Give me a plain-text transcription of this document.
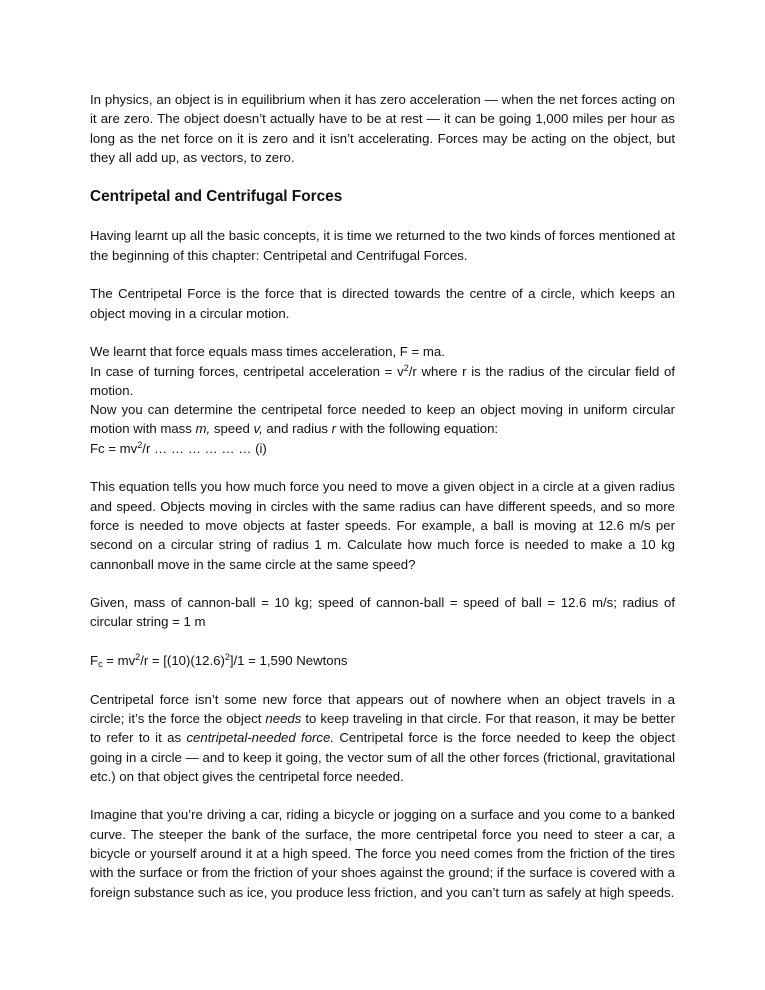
In physics, an object is in equilibrium when it has zero acceleration — when the net forces acting on it are zero. The object doesn’t actually have to be at rest — it can be going 1,000 miles per hour as long as the net force on it is zero and it isn’t accelerating. Forces may be acting on the object, but they all add up, as vectors, to zero.

Centripetal and Centrifugal Forces

Having learnt up all the basic concepts, it is time we returned to the two kinds of forces mentioned at the beginning of this chapter: Centripetal and Centrifugal Forces.

The Centripetal Force is the force that is directed towards the centre of a circle, which keeps an object moving in a circular motion.

We learnt that force equals mass times acceleration, F = ma.
In case of turning forces, centripetal acceleration = $v^2/r$ where r is the radius of the circular field of motion.
Now you can determine the centripetal force needed to keep an object moving in uniform circular motion with mass m, speed v, and radius r with the following equation:
$Fc = mv^2/r$ … … … … … … (i)

This equation tells you how much force you need to move a given object in a circle at a given radius and speed. Objects moving in circles with the same radius can have different speeds, and so more force is needed to move objects at faster speeds. For example, a ball is moving at 12.6 m/s per second on a circular string of radius 1 m. Calculate how much force is needed to make a 10 kg cannonball move in the same circle at the same speed?

Given, mass of cannon-ball = 10 kg; speed of cannon-ball = speed of ball = 12.6 m/s; radius of circular string = 1 m

$F_c = mv^2/r = [(10)(12.6)^2]/1 = 1,590$ Newtons

Centripetal force isn’t some new force that appears out of nowhere when an object travels in a circle; it’s the force the object needs to keep traveling in that circle. For that reason, it may be better to refer to it as centripetal-needed force. Centripetal force is the force needed to keep the object going in a circle — and to keep it going, the vector sum of all the other forces (frictional, gravitational etc.) on that object gives the centripetal force needed.

Imagine that you’re driving a car, riding a bicycle or jogging on a surface and you come to a banked curve. The steeper the bank of the surface, the more centripetal force you need to steer a car, a bicycle or yourself around it at a high speed. The force you need comes from the friction of the tires with the surface or from the friction of your shoes against the ground; if the surface is covered with a foreign substance such as ice, you produce less friction, and you can’t turn as safely at high speeds.
